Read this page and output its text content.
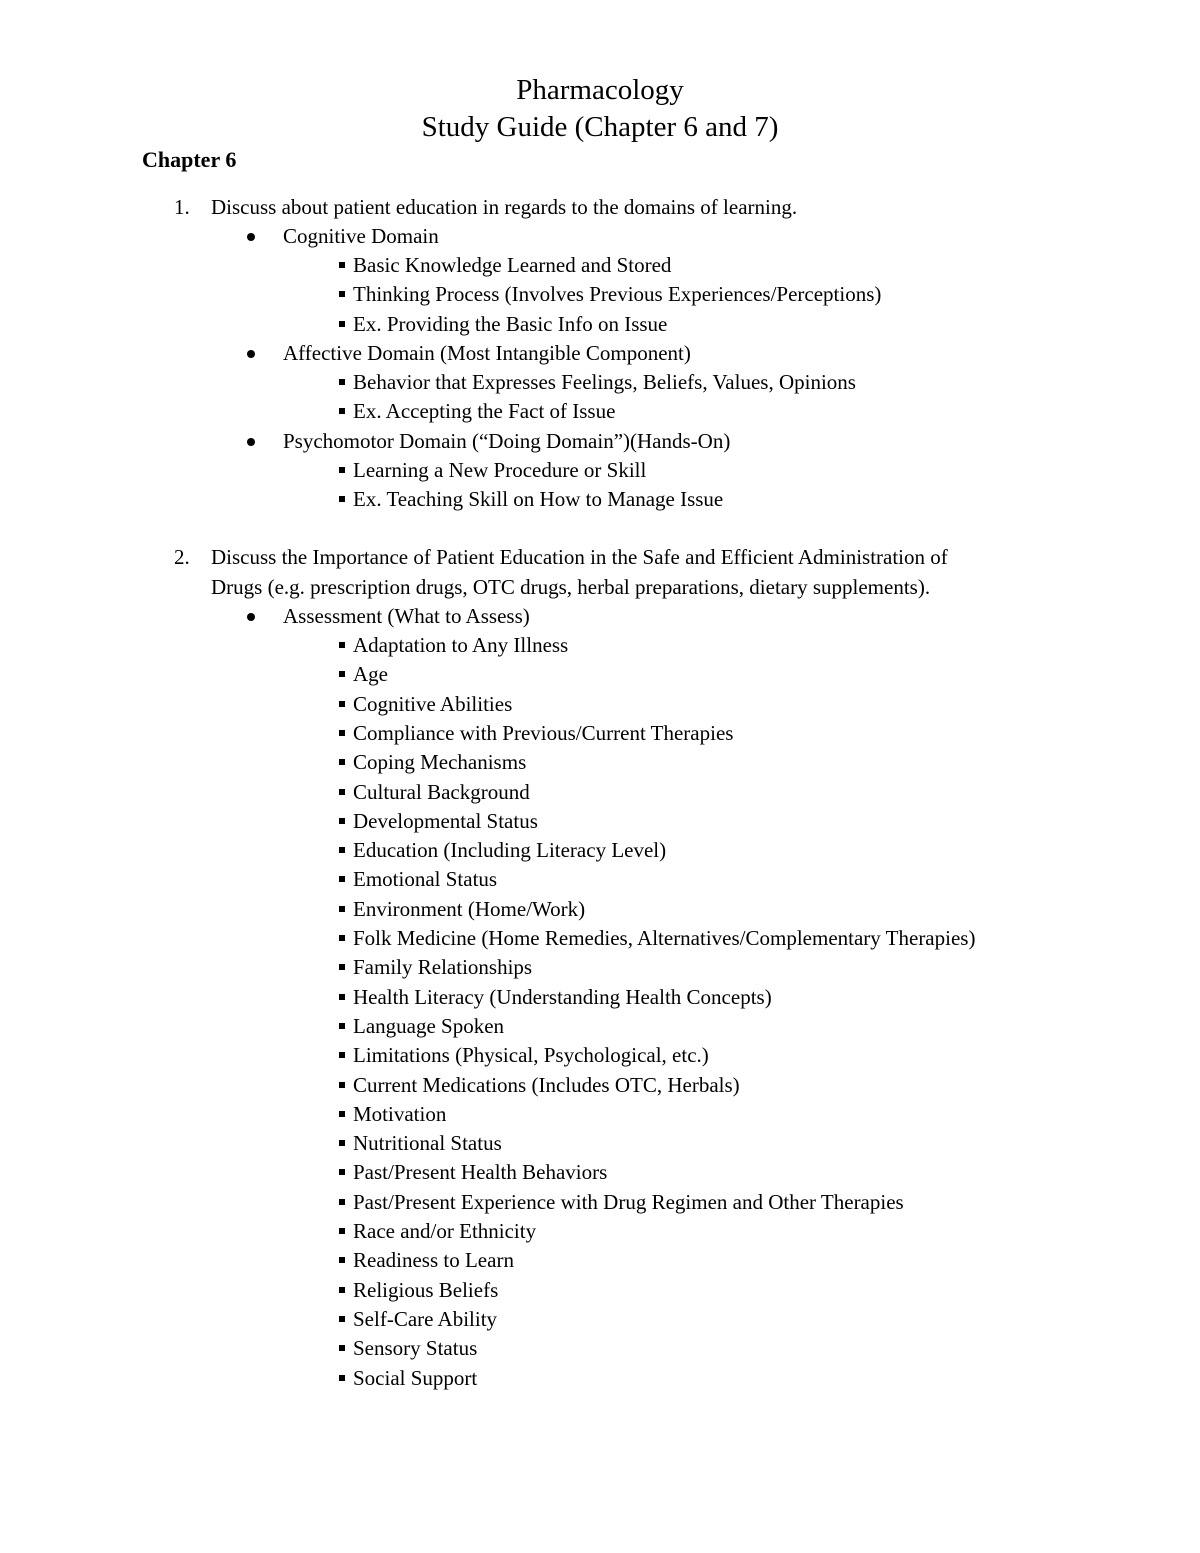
Pharmacology
Study Guide (Chapter 6 and 7)
Chapter 6
1.	Discuss about patient education in regards to the domains of learning.
Cognitive Domain
Basic Knowledge Learned and Stored
Thinking Process (Involves Previous Experiences/Perceptions)
Ex. Providing the Basic Info on Issue
Affective Domain (Most Intangible Component)
Behavior that Expresses Feelings, Beliefs, Values, Opinions
Ex. Accepting the Fact of Issue
Psychomotor Domain (“Doing Domain”)(Hands-On)
Learning a New Procedure or Skill
Ex. Teaching Skill on How to Manage Issue
2.	Discuss the Importance of Patient Education in the Safe and Efficient Administration of
Drugs (e.g. prescription drugs, OTC drugs, herbal preparations, dietary supplements).
Assessment (What to Assess)
Adaptation to Any Illness
Age
Cognitive Abilities
Compliance with Previous/Current Therapies
Coping Mechanisms
Cultural Background
Developmental Status
Education (Including Literacy Level)
Emotional Status
Environment (Home/Work)
Folk Medicine (Home Remedies, Alternatives/Complementary Therapies)
Family Relationships
Health Literacy (Understanding Health Concepts)
Language Spoken
Limitations (Physical, Psychological, etc.)
Current Medications (Includes OTC, Herbals)
Motivation
Nutritional Status
Past/Present Health Behaviors
Past/Present Experience with Drug Regimen and Other Therapies
Race and/or Ethnicity
Readiness to Learn
Religious Beliefs
Self-Care Ability
Sensory Status
Social Support
